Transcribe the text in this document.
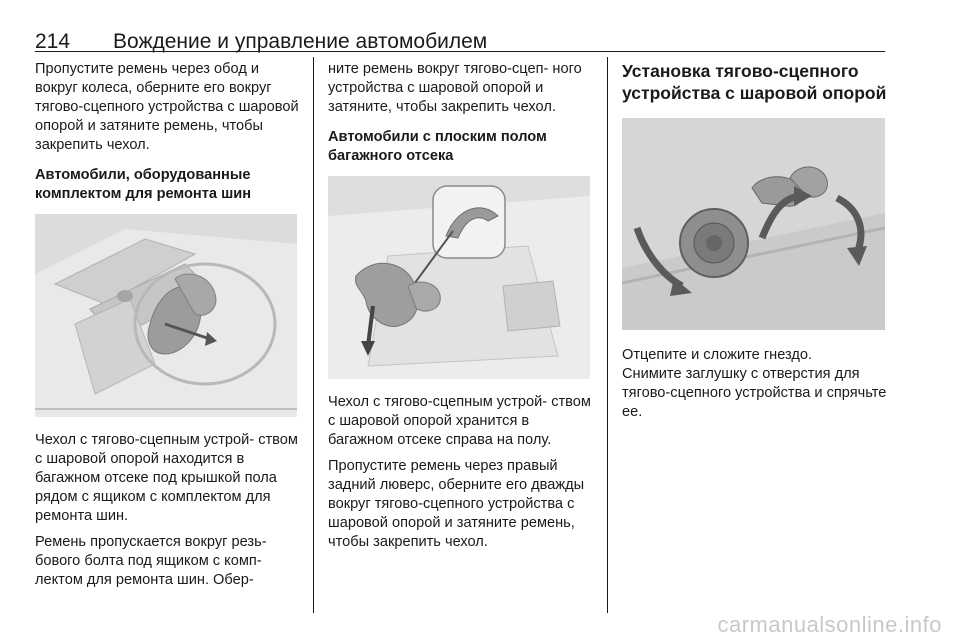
214 Вождение и управление автомобилем

Пропустите ремень через обод и вокруг колеса, оберните его вокруг тягово-сцепного устройства с шаровой опорой и затяните ремень, чтобы закрепить чехол.

Автомобили, оборудованные комплектом для ремонта шин

Чехол с тягово-сцепным устрой- ством с шаровой опорой находится в багажном отсеке под крышкой пола рядом с ящиком с комплектом для ремонта шин.

Ремень пропускается вокруг резь- бового болта под ящиком с комп- лектом для ремонта шин. Обер-

ните ремень вокруг тягово-сцеп- ного устройства с шаровой опорой и затяните, чтобы закрепить чехол.

Автомобили с плоским полом багажного отсека

Чехол с тягово-сцепным устрой- ством с шаровой опорой хранится в багажном отсеке справа на полу.

Пропустите ремень через правый задний люверс, оберните его дважды вокруг тягово-сцепного устройства с шаровой опорой и затяните ремень, чтобы закрепить чехол.

Установка тягово-сцепного устройства с шаровой опорой

Отцепите и сложите гнездо.

Снимите заглушку с отверстия для тягово-сцепного устройства и спрячьте ее.

carmanualsonline.info
